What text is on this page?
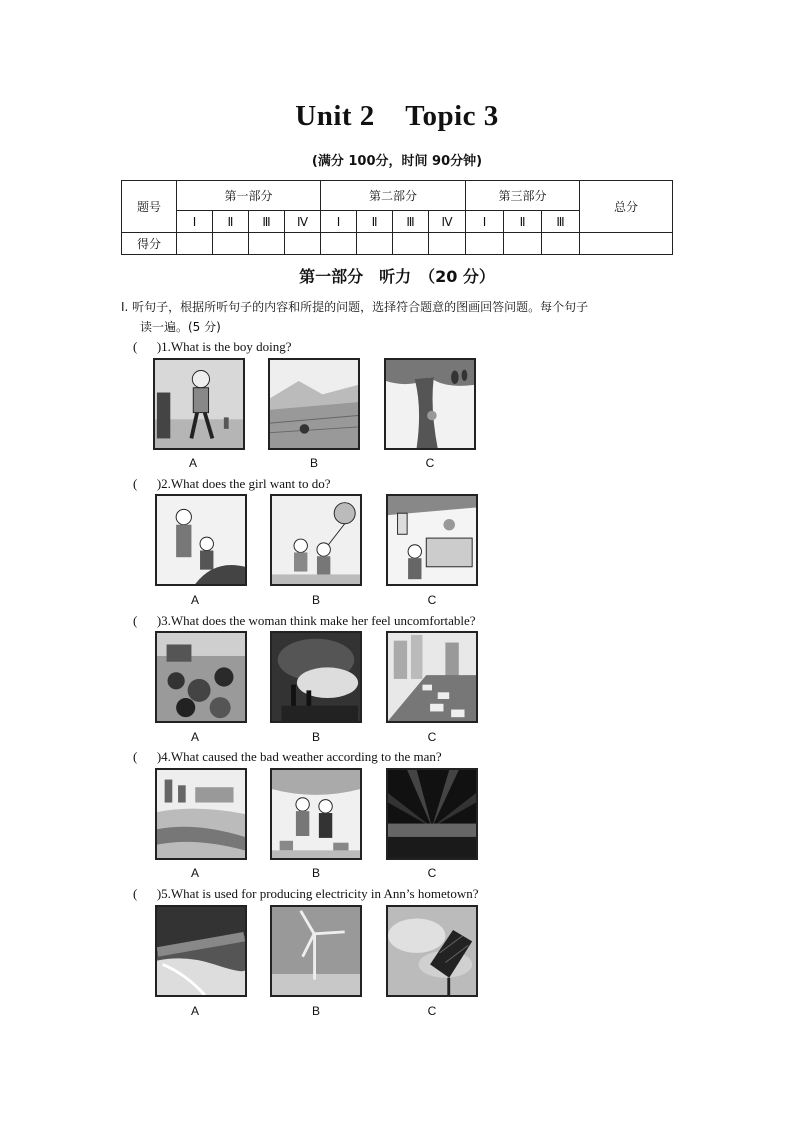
Unit 2    Topic 3
(满分 100分，时间 90分钟)
题号	第一部分				第二部分				第三部分			总分
	Ⅰ	Ⅱ	Ⅲ	Ⅳ	Ⅰ	Ⅱ	Ⅲ	Ⅳ	Ⅰ	Ⅱ	Ⅲ	
得分												
第一部分　听力　（20 分）
Ⅰ. 听句子，根据所听句子的内容和所提的问题，选择符合题意的图画回答问题。每个句子
读一遍。(5 分)
(      )1.What is the boy doing?
A	B	C
(      )2.What does the girl want to do?
A	B	C
(      )3.What does the woman think make her feel uncomfortable?
A	B	C
(      )4.What caused the bad weather according to the man?
A	B	C
(      )5.What is used for producing electricity in Ann’s hometown?
A	B	C
